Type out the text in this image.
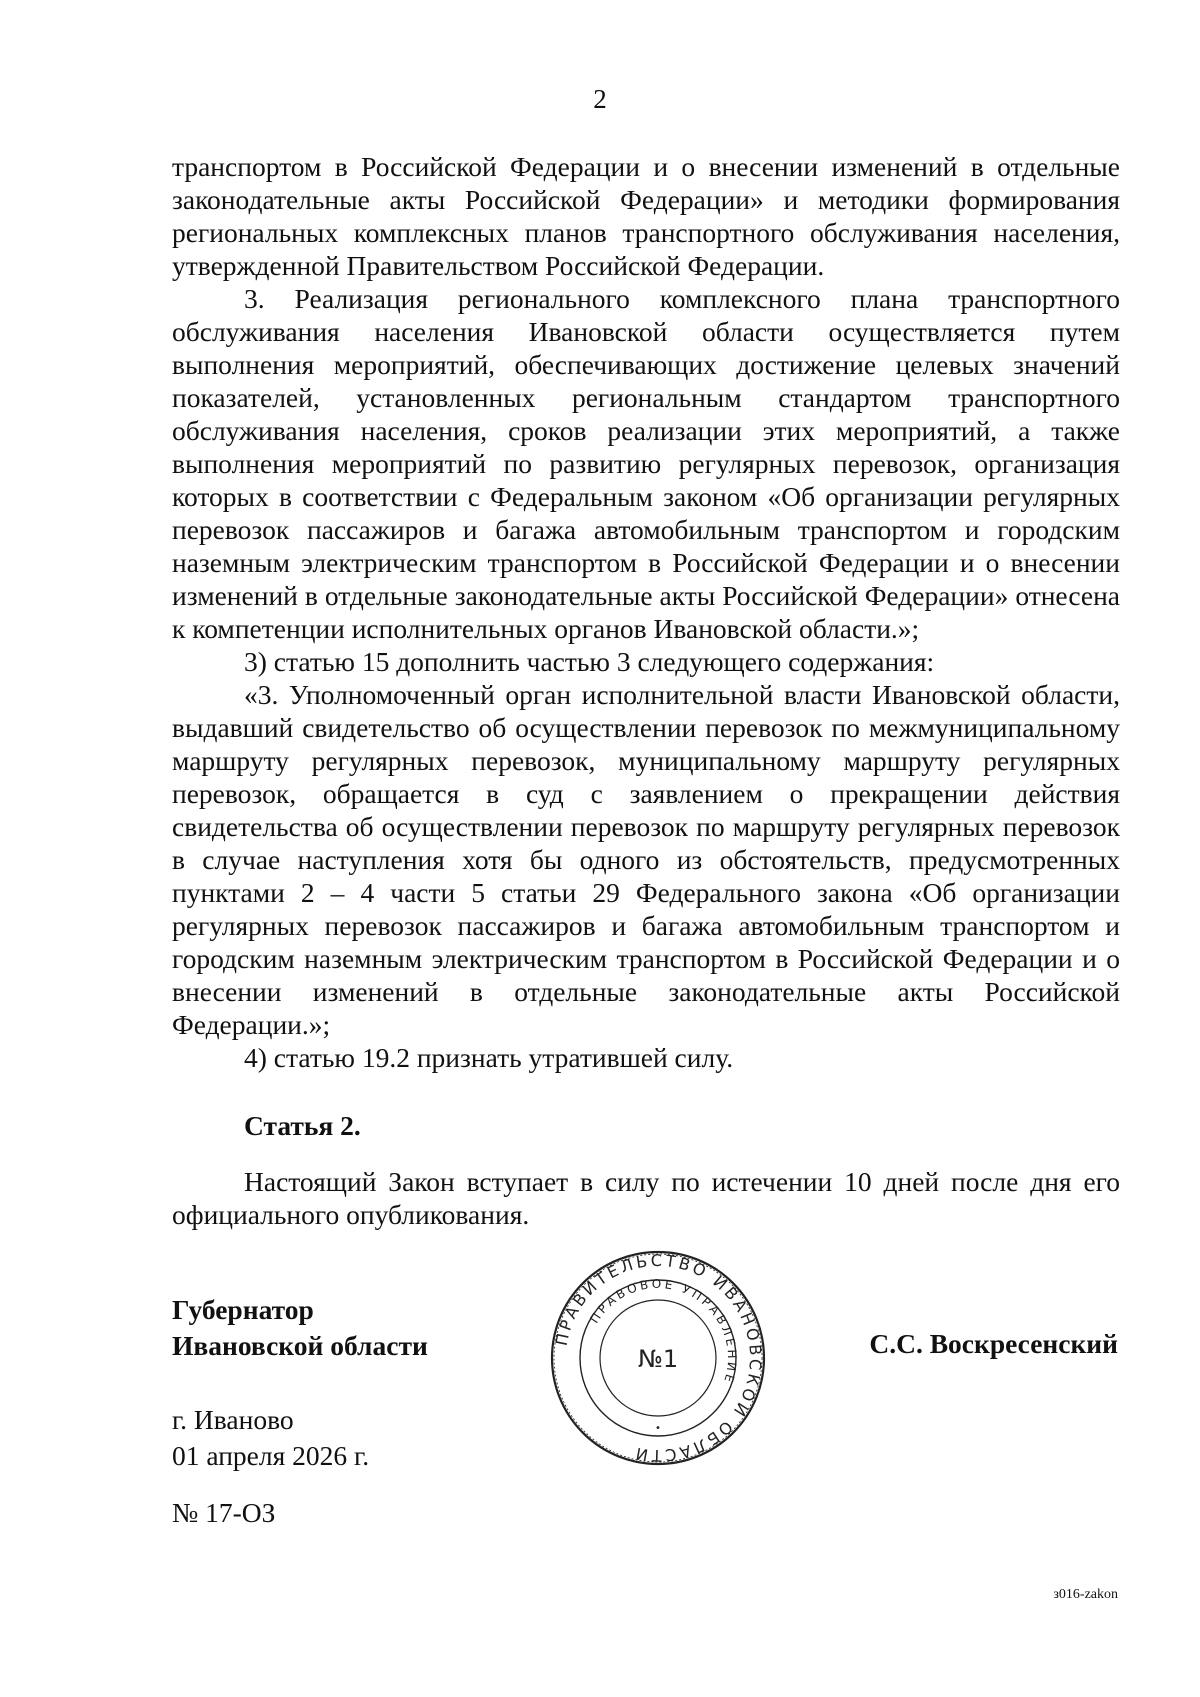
2

транспортом в Российской Федерации и о внесении изменений в отдельные законодательные акты Российской Федерации» и методики формирования региональных комплексных планов транспортного обслуживания населения, утвержденной Правительством Российской Федерации.

3. Реализация регионального комплексного плана транспортного обслуживания населения Ивановской области осуществляется путем выполнения мероприятий, обеспечивающих достижение целевых значений показателей, установленных региональным стандартом транспортного обслуживания населения, сроков реализации этих мероприятий, а также выполнения мероприятий по развитию регулярных перевозок, организация которых в соответствии с Федеральным законом «Об организации регулярных перевозок пассажиров и багажа автомобильным транспортом и городским наземным электрическим транспортом в Российской Федерации и о внесении изменений в отдельные законодательные акты Российской Федерации» отнесена к компетенции исполнительных органов Ивановской области.»;

3) статью 15 дополнить частью 3 следующего содержания:

«3. Уполномоченный орган исполнительной власти Ивановской области, выдавший свидетельство об осуществлении перевозок по межмуниципальному маршруту регулярных перевозок, муниципальному маршруту регулярных перевозок, обращается в суд с заявлением о прекращении действия свидетельства об осуществлении перевозок по маршруту регулярных перевозок в случае наступления хотя бы одного из обстоятельств, предусмотренных пунктами 2 – 4 части 5 статьи 29 Федерального закона «Об организации регулярных перевозок пассажиров и багажа автомобильным транспортом и городским наземным электрическим транспортом в Российской Федерации и о внесении изменений в отдельные законодательные акты Российской Федерации.»;

4) статью 19.2 признать утратившей силу.

Статья 2.

Настоящий Закон вступает в силу по истечении 10 дней после дня его официального опубликования.

Губернатор
Ивановской области	ПРАВИТЕЛЬСТВО ИВАНОВСКОЙ ОБЛАСТИ
ПРАВОВОЕ УПРАВЛЕНИЕ
№1
•
С.С. Воскресенский
г. Иваново
01 апреля 2026 г.
№ 17-ОЗ
з016-zakon
